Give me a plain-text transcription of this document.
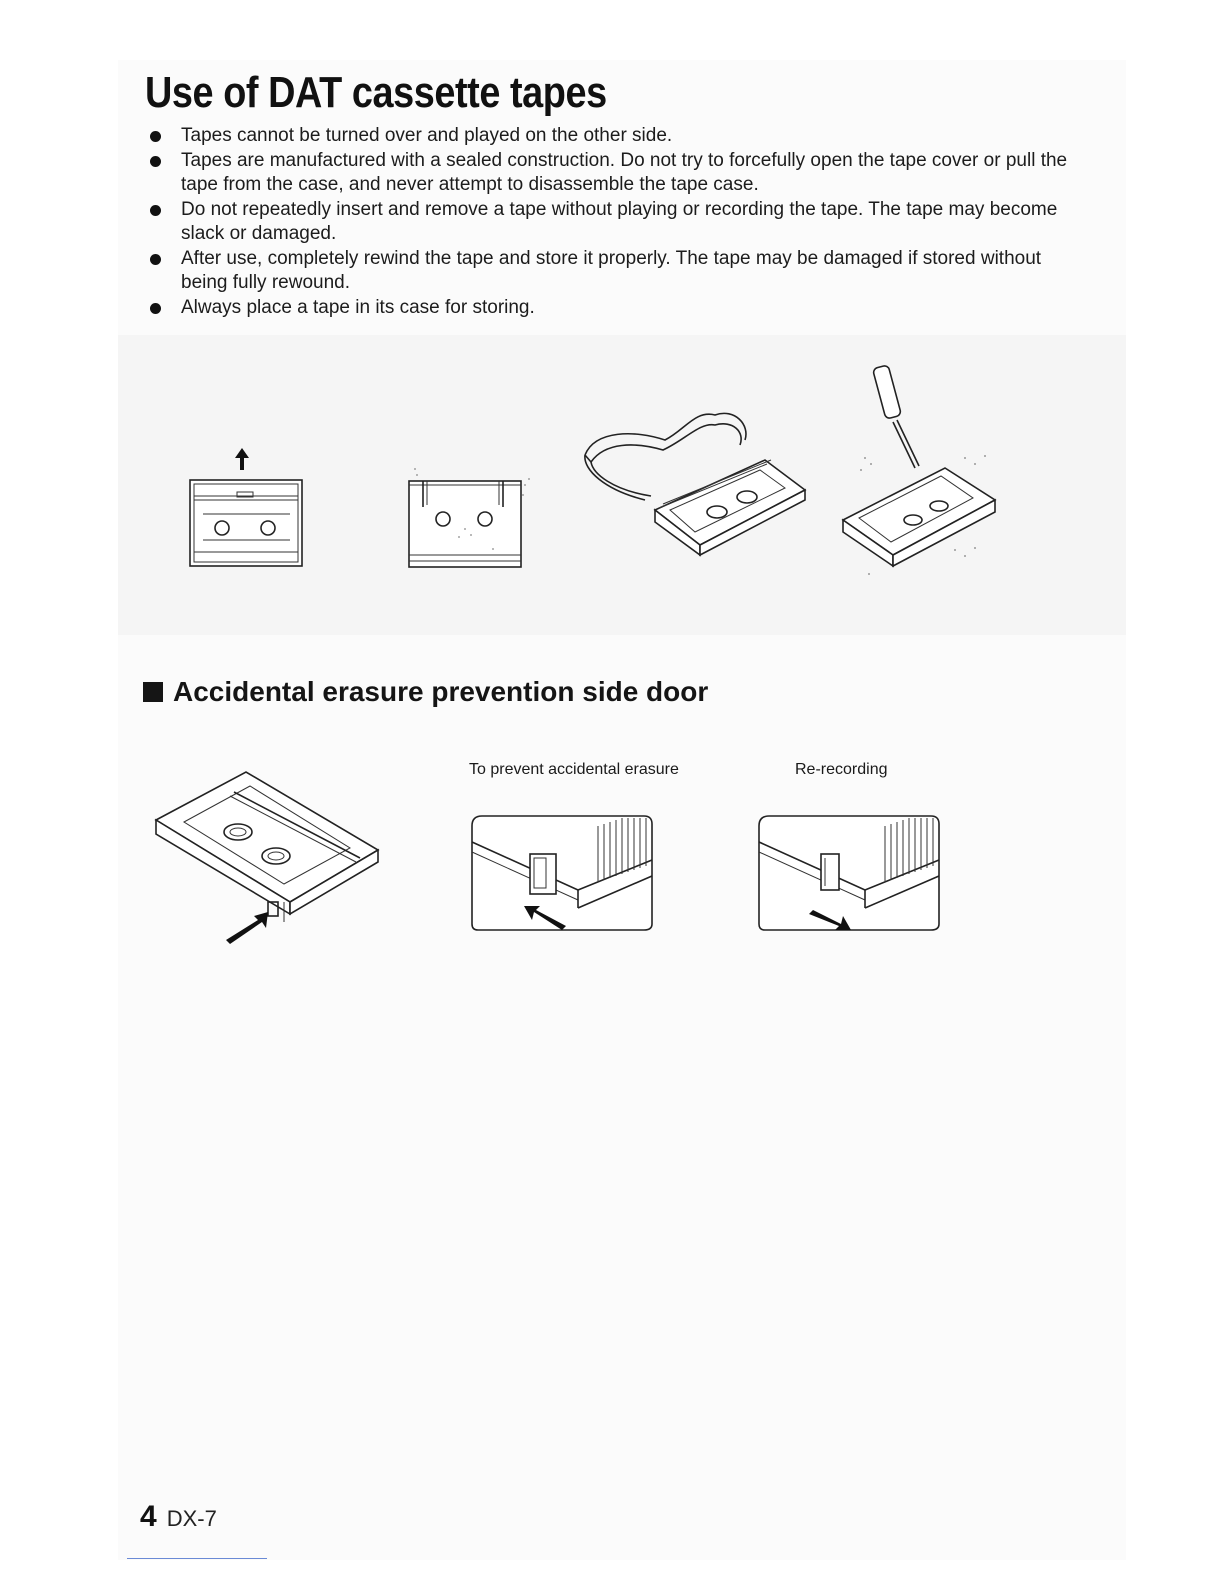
Use of DAT cassette tapes
Tapes cannot be turned over and played on the other side.
Tapes are manufactured with a sealed construction. Do not try to forcefully open the tape cover or pull the tape from the case, and never attempt to disassemble the tape case.
Do not repeatedly insert and remove a tape without playing or recording the tape. The tape may become slack or damaged.
After use, completely rewind the tape and store it properly. The tape may be damaged if stored without being fully rewound.
Always place a tape in its case for storing.
Accidental erasure prevention side door
To prevent accidental erasure	Re-recording
4 DX-7
